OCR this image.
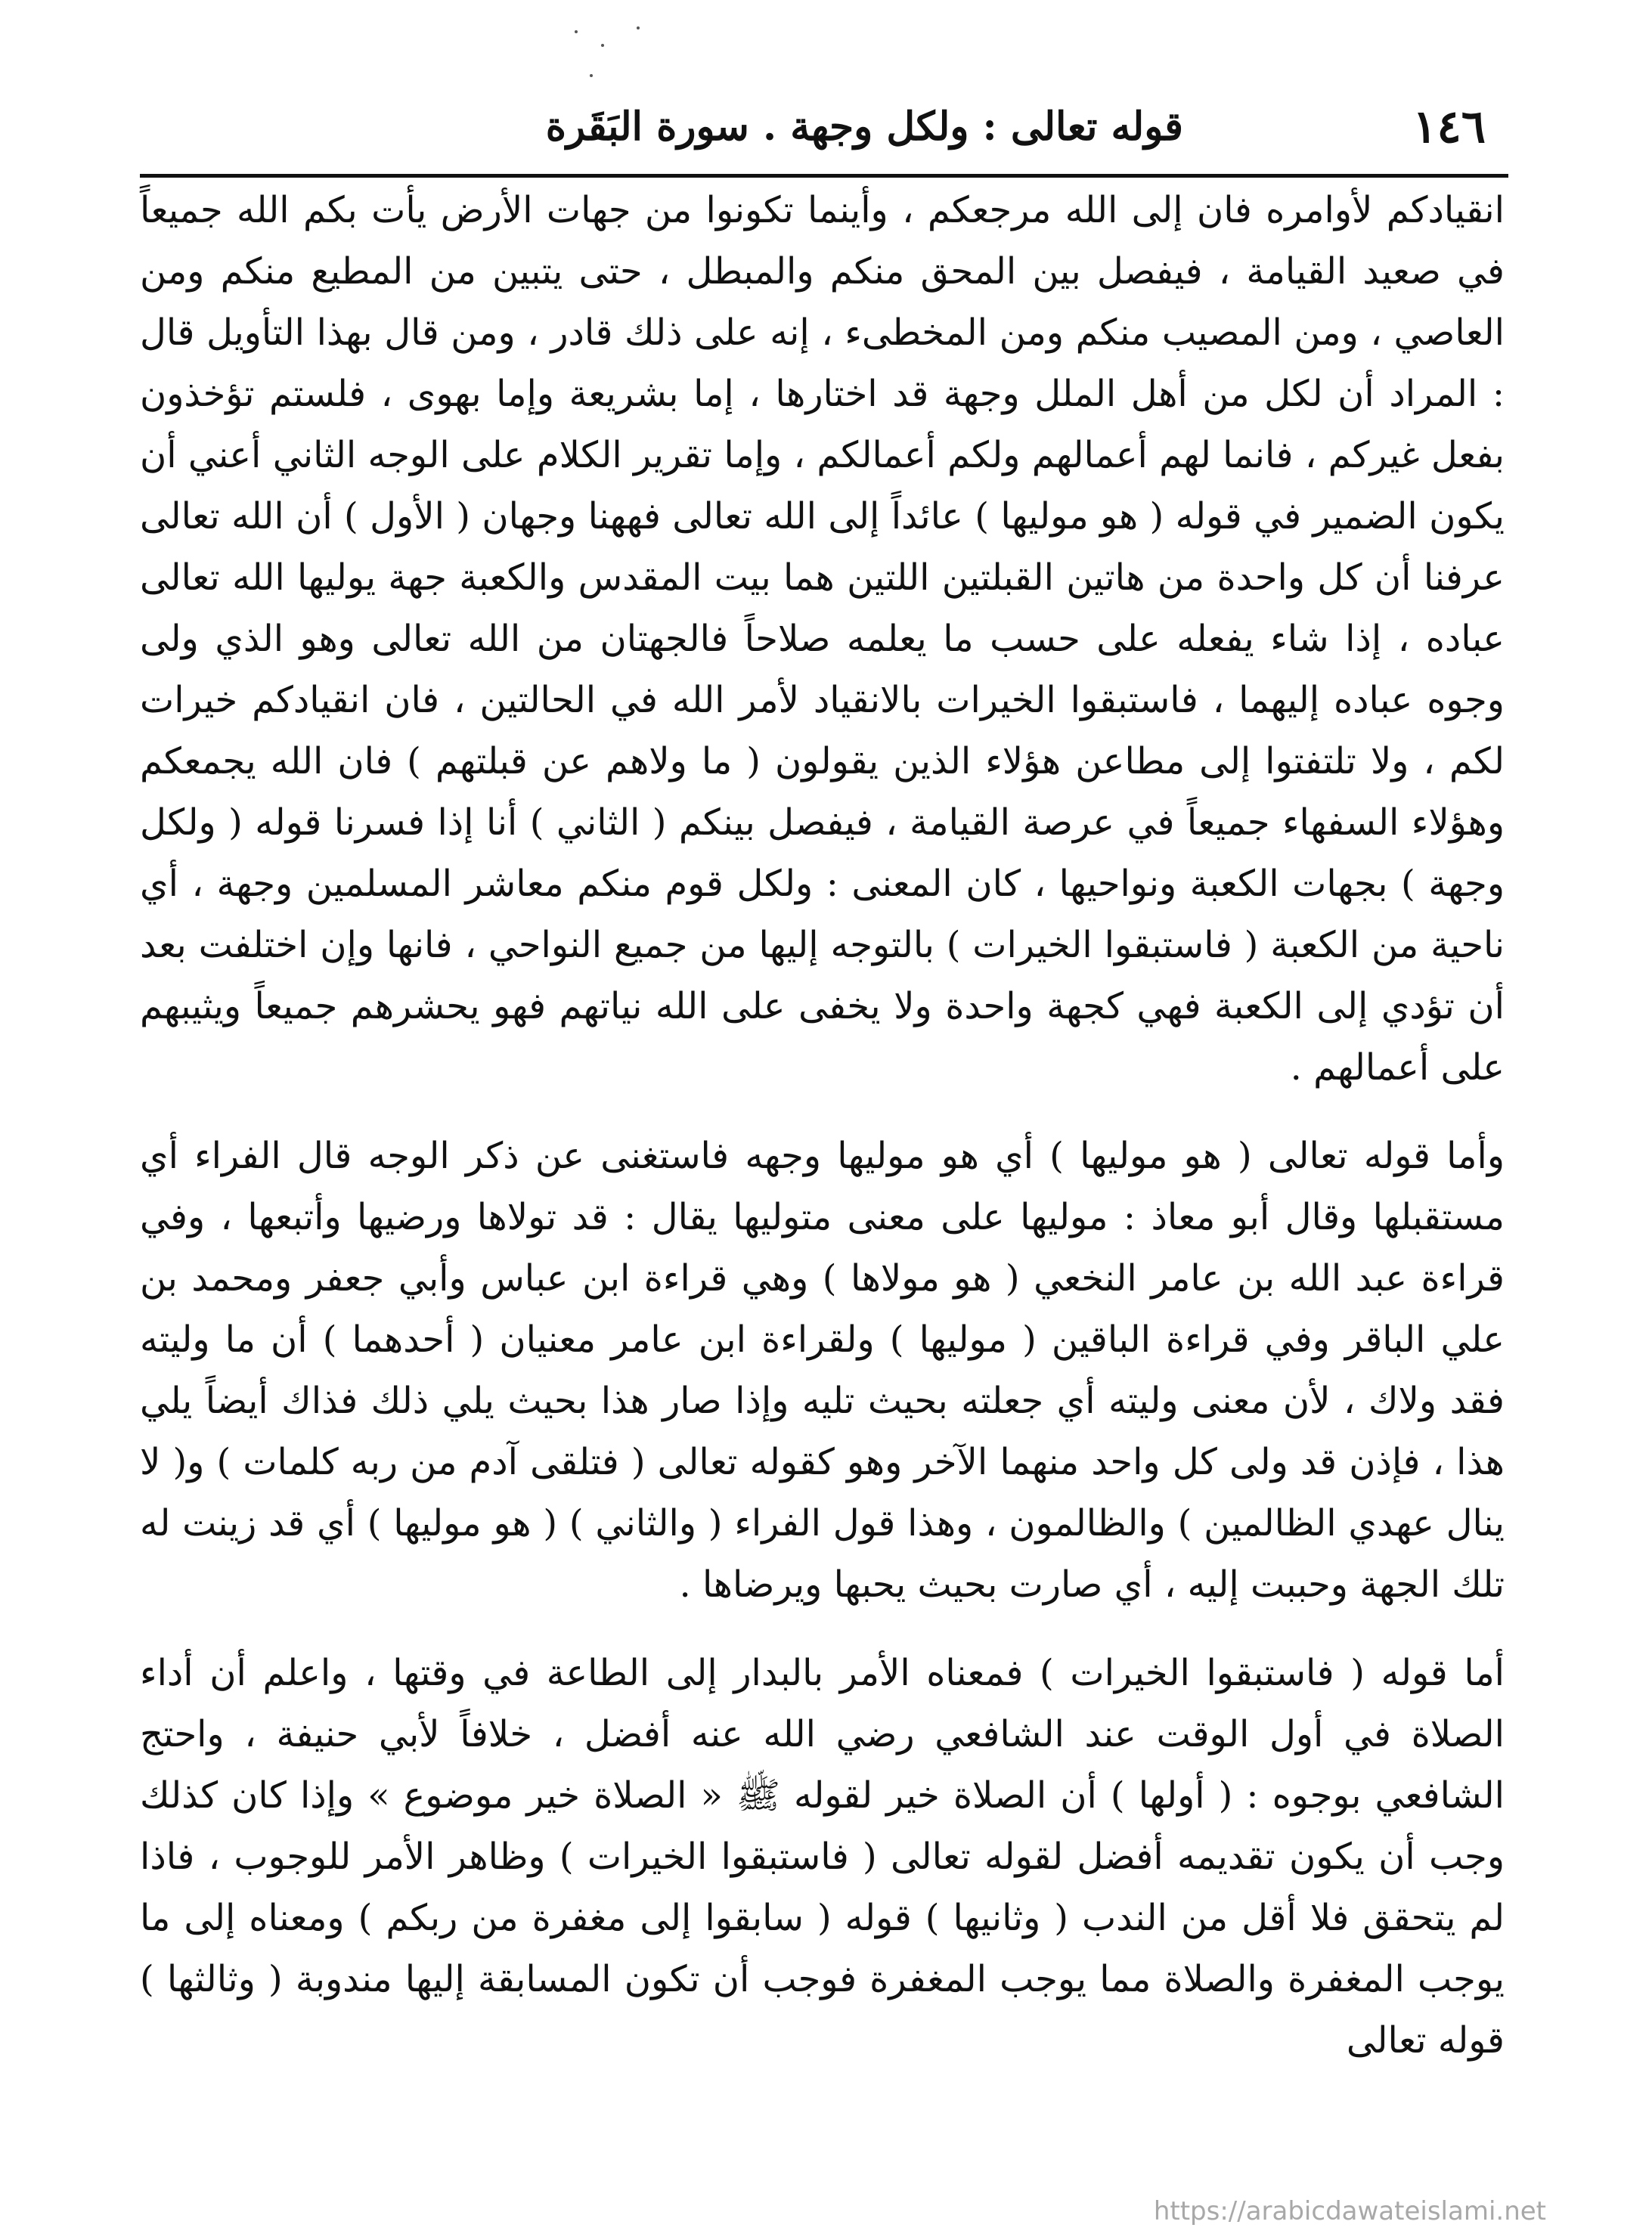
١٤٦
قوله تعالى : ولكل وجهة . سورة البَقَرة

انقيادكم لأوامره فان إلى الله مرجعكم ، وأينما تكونوا من جهات الأرض يأت بكم الله جميعاً في صعيد القيامة ، فيفصل بين المحق منكم والمبطل ، حتى يتبين من المطيع منكم ومن العاصي ، ومن المصيب منكم ومن المخطىء ، إنه على ذلك قادر ، ومن قال بهذا التأويل قال : المراد أن لكل من أهل الملل وجهة قد اختارها ، إما بشريعة وإما بهوى ، فلستم تؤخذون بفعل غيركم ، فانما لهم أعمالهم ولكم أعمالكم ، وإما تقرير الكلام على الوجه الثاني أعني أن يكون الضمير في قوله ( هو موليها ) عائداً إلى الله تعالى فههنا وجهان ( الأول ) أن الله تعالى عرفنا أن كل واحدة من هاتين القبلتين اللتين هما بيت المقدس والكعبة جهة يوليها الله تعالى عباده ، إذا شاء يفعله على حسب ما يعلمه صلاحاً فالجهتان من الله تعالى وهو الذي ولى وجوه عباده إليهما ، فاستبقوا الخيرات بالانقياد لأمر الله في الحالتين ، فان انقيادكم خيرات لكم ، ولا تلتفتوا إلى مطاعن هؤلاء الذين يقولون ( ما ولاهم عن قبلتهم ) فان الله يجمعكم وهؤلاء السفهاء جميعاً في عرصة القيامة ، فيفصل بينكم ( الثاني ) أنا إذا فسرنا قوله ( ولكل وجهة ) بجهات الكعبة ونواحيها ، كان المعنى : ولكل قوم منكم معاشر المسلمين وجهة ، أي ناحية من الكعبة ( فاستبقوا الخيرات ) بالتوجه إليها من جميع النواحي ، فانها وإن اختلفت بعد أن تؤدي إلى الكعبة فهي كجهة واحدة ولا يخفى على الله نياتهم فهو يحشرهم جميعاً ويثيبهم على أعمالهم .

وأما قوله تعالى ( هو موليها ) أي هو موليها وجهه فاستغنى عن ذكر الوجه قال الفراء أي مستقبلها وقال أبو معاذ : موليها على معنى متوليها يقال : قد تولاها ورضيها وأتبعها ، وفي قراءة عبد الله بن عامر النخعي ( هو مولاها ) وهي قراءة ابن عباس وأبي جعفر ومحمد بن علي الباقر وفي قراءة الباقين ( موليها ) ولقراءة ابن عامر معنيان ( أحدهما ) أن ما وليته فقد ولاك ، لأن معنى وليته أي جعلته بحيث تليه وإذا صار هذا بحيث يلي ذلك فذاك أيضاً يلي هذا ، فإذن قد ولى كل واحد منهما الآخر وهو كقوله تعالى ( فتلقى آدم من ربه كلمات ) و( لا ينال عهدي الظالمين ) والظالمون ، وهذا قول الفراء ( والثاني ) ( هو موليها ) أي قد زينت له تلك الجهة وحببت إليه ، أي صارت بحيث يحبها ويرضاها .

أما قوله ( فاستبقوا الخيرات ) فمعناه الأمر بالبدار إلى الطاعة في وقتها ، واعلم أن أداء الصلاة في أول الوقت عند الشافعي رضي الله عنه أفضل ، خلافاً لأبي حنيفة ، واحتج الشافعي بوجوه : ( أولها ) أن الصلاة خير لقوله ﷺ « الصلاة خير موضوع » وإذا كان كذلك وجب أن يكون تقديمه أفضل لقوله تعالى ( فاستبقوا الخيرات ) وظاهر الأمر للوجوب ، فاذا لم يتحقق فلا أقل من الندب ( وثانيها ) قوله ( سابقوا إلى مغفرة من ربكم ) ومعناه إلى ما يوجب المغفرة والصلاة مما يوجب المغفرة فوجب أن تكون المسابقة إليها مندوبة ( وثالثها ) قوله تعالى

https://arabicdawateislami.net
